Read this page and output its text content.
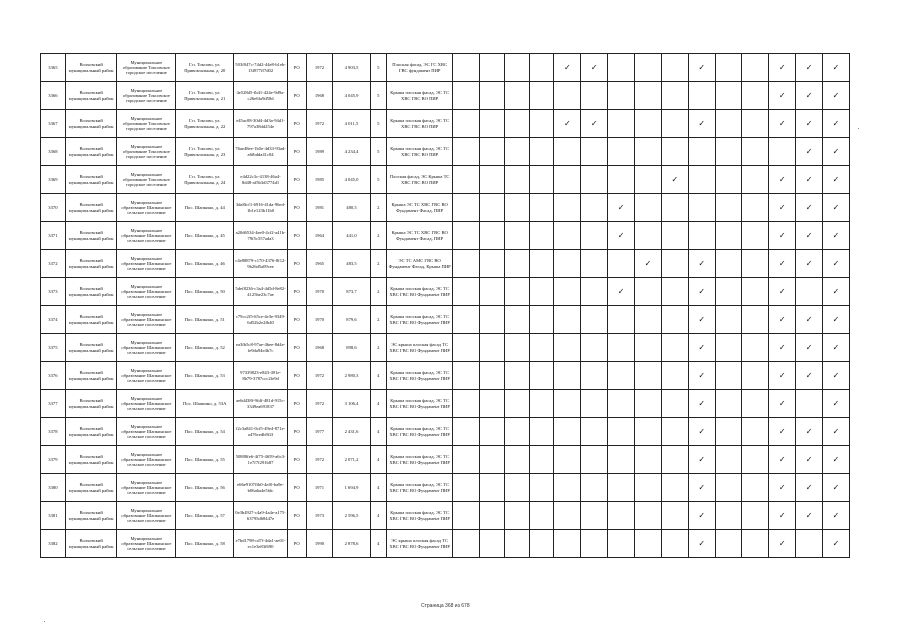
3365	Волховский муниципальный район	Муниципальное образование Токсовское городское поселение	Г.п. Токсово, ул. Привокзальная, д. 20	503f047c-74d2-44e8-b1eb-13f877ff7d02	РО	1972	4 903,5	5	Плоская фасад, ЭС ГС ХВС ГВС фундамент ПИР					✓	✓				✓			✓	✓	✓
3366	Волховский муниципальный район	Муниципальное образование Токсовское городское поселение	Г.п. Токсово, ул. Привокзальная, д. 21	4e528d5-fb41-424e-9d9a-c26e6fa9d58d	РО	1968	4 045,9	5	Крыша плоская фасад, ЭС ТС ХВС ГВС ВО ПИР													✓	✓	✓
3367	Волховский муниципальный район	Муниципальное образование Токсовское городское поселение	Г.п. Токсово, ул. Привокзальная, д. 22	e45ac08-30d4-4d3a-94d1-797a38dd254e	РО	1972	4 011,5	5	Крыша плоская фасад, ЭС ТС ХВС ГВС ВО ПИР					✓	✓				✓			✓	✓	✓
3368	Волховский муниципальный район	Муниципальное образование Токсовское городское поселение	Г.п. Токсово, ул. Привокзальная, д. 23	76ae48ee-1b5e-4d33-93ad-a6fbdda41c84	РО	1989	4 234,4	5	Крыша плоская фасад, ЭС ТС ХВС ГВС ВО ПИР														✓	✓
3369	Волховский муниципальный район	Муниципальное образование Токсовское городское поселение	Г.п. Токсово, ул. Привокзальная, д. 24	e4d22c3c-4138-46a4-8d48-af5b3d3774d1	РО	1985	4 045,0	5	Плоская фасад, ЭС Крыша ТС ХВС ГВС ВО ПИР									✓				✓	✓	✓
3370	Волховский муниципальный район	Муниципальное образование Шапкинское сельское поселение	Пос. Шапкино, д. 44	3da8fcf1-6916-41da-96ed-1b1e123b11b0	РО	1981	480,5	2	Крыша ЭС ТС ХВС ГВС ВО Фундамент Фасад, ПИР							✓						✓	✓	✓
3371	Волховский муниципальный район	Муниципальное образование Шапкинское сельское поселение	Пос. Шапкино, д. 45	a20d6534-4ee0-4cf2-a41b-79f5c557ada3	РО	1964	441,0	2	Крыша ЭС ТС ХВС ГВС ВО Фундамент Фасад, ПИР							✓						✓	✓	✓
3372	Волховский муниципальный район	Муниципальное образование Шапкинское сельское поселение	Пос. Шапкино, д. 46	c4e88879-c170-4376-8f12-9b26d5a09cee	РО	1965	483,5	2	ЭС ТС АМС ГВС ВО Фундамент Фасад, Крыша ПИР								✓		✓			✓	✓	✓
3373	Волховский муниципальный район	Муниципальное образование Шапкинское сельское поселение	Пос. Шапкино, д. 50	5def8236-c3a4-4d5d-8e82-4125be23c7ae	РО	1970	873,7	2	Крыша плоская фасад, ЭС ТС ХВС ГВС ВО Фундамент ПИР							✓			✓			✓		✓
3374	Волховский муниципальный район	Муниципальное образование Шапкинское сельское поселение	Пос. Шапкино, д. 51	c79cc2f5-65ce-4e3e-9349-6d52b2e2fb40	РО	1970	879,6	2	Крыша плоская фасад, ЭС ТС ХВС ГВС ВО Фундамент ПИР										✓			✓	✓	✓
3375	Волховский муниципальный район	Муниципальное образование Шапкинское сельское поселение	Пос. Шапкино, д. 52	ea3fb5c8-97ae-4bee-8d4e-fe9da94e4b7c	РО	1968	898,6	2	ЭС крыша плоская фасад ТС ХВС ГВС ВО Фундамент ПИР										✓			✓	✓	✓
3376	Волховский муниципальный район	Муниципальное образование Шапкинское сельское поселение	Пос. Шапкино, д. 53	97339823-e843-491e-8b79-3787ccc2fe9d	РО	1972	2 980,3	4	Крыша плоская фасад, ЭС ТС ХВС ГВС ВО Фундамент ПИР										✓			✓	✓	✓
3377	Волховский муниципальный район	Муниципальное образование Шапкинское сельское поселение	Пос. Шапкино, д. 53А	ae6d438f-9fdf-481d-915c-3349ea691837	РО	1972	3 106,4	4	Крыша плоская фасад, ЭС ТС ХВС ГВС ВО Фундамент ПИР										✓			✓		✓
3378	Волховский муниципальный район	Муниципальное образование Шапкинское сельское поселение	Пос. Шапкино, д. 54	f2c3a841-0cf5-49e4-871e-a476cedb9f2f	РО	1977	2 431,6	4	Крыша плоская фасад, ЭС ТС ХВС ГВС ВО Фундамент ПИР										✓			✓	✓	✓
3379	Волховский муниципальный район	Муниципальное образование Шапкинское сельское поселение	Пос. Шапкино, д. 55	50808fe6-4f75-4659-a6c3-1e7f7f291b87	РО	1972	2 071,2	4	Крыша плоская фасад, ЭС ТС ХВС ГВС ВО Фундамент ПИР										✓			✓	✓	✓
3380	Волховский муниципальный район	Муниципальное образование Шапкинское сельское поселение	Пос. Шапкино, д. 56	e66e9107ffb0-4ef0-ba9e-b06a6a4e5fdc	РО	1971	1 694,9	4	Крыша плоская фасад, ЭС ТС ХВС ГВС ВО Фундамент ПИР										✓			✓	✓	✓
3381	Волховский муниципальный район	Муниципальное образование Шапкинское сельское поселение	Пос. Шапкино, д. 57	0e3b4927-c4a9-4a4e-a175-63795d68447e	РО	1973	2 596,5	4	Крыша плоская фасад, ЭС ТС ХВС ГВС ВО Фундамент ПИР										✓			✓	✓	✓
3382	Волховский муниципальный район	Муниципальное образование Шапкинское сельское поселение	Пос. Шапкино, д. 58	e7bd1798-cd7f-4da1-ae01-ec1e3e83f690	РО	1990	2 878,6	4	ЭС крыша плоская фасад ТС ХВС ГВС ВО Фундамент ПИР										✓			✓		✓
Страница 368 из 678
